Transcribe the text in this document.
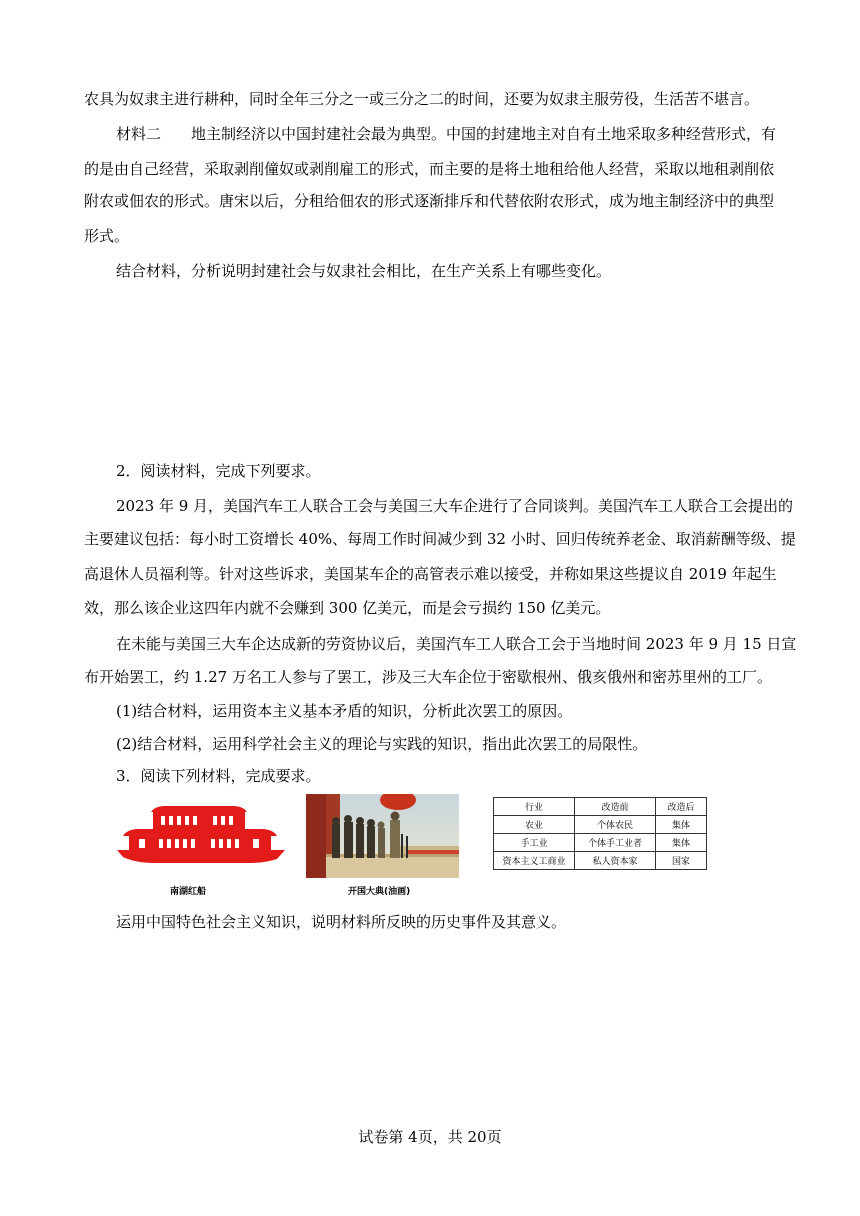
农具为奴隶主进行耕种，同时全年三分之一或三分之二的时间，还要为奴隶主服劳役，生活苦不堪言。
材料二 地主制经济以中国封建社会最为典型。中国的封建地主对自有土地采取多种经营形式，有
的是由自己经营，采取剥削僮奴或剥削雇工的形式，而主要的是将土地租给他人经营，采取以地租剥削依
附农或佃农的形式。唐宋以后，分租给佃农的形式逐渐排斥和代替依附农形式，成为地主制经济中的典型
形式。
结合材料，分析说明封建社会与奴隶社会相比，在生产关系上有哪些变化。
2．阅读材料，完成下列要求。
2023 年 9 月，美国汽车工人联合工会与美国三大车企进行了合同谈判。美国汽车工人联合工会提出的
主要建议包括：每小时工资增长 40%、每周工作时间减少到 32 小时、回归传统养老金、取消薪酬等级、提
高退休人员福利等。针对这些诉求，美国某车企的高管表示难以接受，并称如果这些提议自 2019 年起生
效，那么该企业这四年内就不会赚到 300 亿美元，而是会亏损约 150 亿美元。
在未能与美国三大车企达成新的劳资协议后，美国汽车工人联合工会于当地时间 2023 年 9 月 15 日宣
布开始罢工，约 1.27 万名工人参与了罢工，涉及三大车企位于密歇根州、俄亥俄州和密苏里州的工厂。
(1)结合材料，运用资本主义基本矛盾的知识，分析此次罢工的原因。
(2)结合材料，运用科学社会主义的理论与实践的知识，指出此次罢工的局限性。
3．阅读下列材料，完成要求。
南湖红船	开国大典(油画)
行业	改造前	改造后
农业	个体农民	集体
手工业	个体手工业者	集体
资本主义工商业	私人资本家	国家
运用中国特色社会主义知识，说明材料所反映的历史事件及其意义。
试卷第 4页，共 20页
